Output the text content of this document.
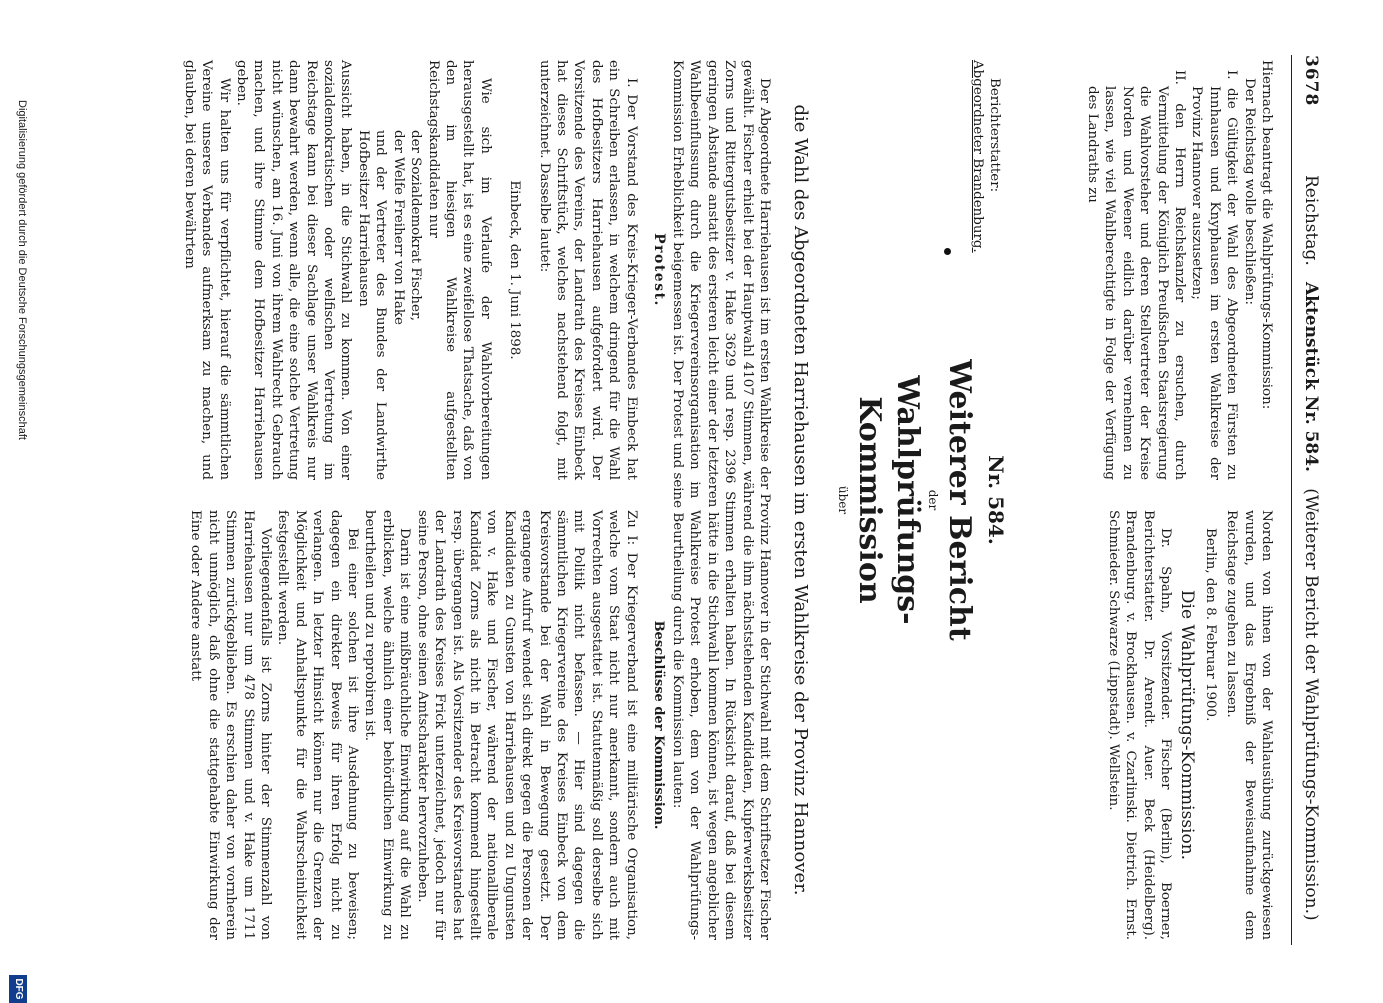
3678
Reichstag.   Aktenstück Nr. 584.   (Weiterer Bericht der Wahlprüfungs-Kommission.)

Hiernach beantragt die Wahlprüfungs-Kommission:

Der Reichstag wolle beschließen:

I. die Gültigkeit der Wahl des Abgeordneten Fürsten zu Innhausen und Knyphausen im ersten Wahlkreise der Provinz Hannover auszusetzen;

II. den Herrn Reichskanzler zu ersuchen, durch Vermittelung der Königlich Preußischen Staatsregierung die Wahlvorsteher und deren Stellvertreter der Kreise Norden und Weener eidlich darüber vernehmen zu lassen, wie viel Wahlberechtigte in Folge der Verfügung des Landraths zu

Norden von ihnen von der Wahlausübung zurückgewiesen wurden, und das Ergebniß der Beweisaufnahme dem Reichstage zugehen zu lassen.

Berlin, den 8. Februar 1900.

Die Wahlprüfungs-Kommission.

Dr. Spahn, Vorsitzender. Fischer (Berlin), Boerner, Berichterstatter. Dr. Arendt. Auer. Beck (Heidelberg). Brandenburg. v. Brockhausen. v. Czarlinski. Dietrich. Ernst. Schmieder. Schwarze (Lippstadt). Wellstein.

Berichterstatter:

Abgeordneter Brandenburg.

Nr. 584.
Weiterer Bericht
der
Wahlprüfungs-Kommission
über
die Wahl des Abgeordneten Harriehausen im ersten Wahlkreise der Provinz Hannover.

Der Abgeordnete Harriehausen ist im ersten Wahlkreise der Provinz Hannover in der Stichwahl mit dem Schriftsetzer Fischer gewählt. Fischer erhielt bei der Hauptwahl 4107 Stimmen, während die ihm nächststehenden Kandidaten, Kupferwerksbesitzer Zorns und Rittergutsbesitzer v. Hake 3629 und resp. 2396 Stimmen erhalten haben. In Rücksicht darauf, daß bei diesem geringen Abstande anstatt des ersteren leicht einer der letzteren hätte in die Stichwahl kommen können, ist wegen angeblicher Wahlbeeinflussung durch die Kriegervereinsorganisation im Wahlkreise Protest erhoben, dem von der Wahlprüfungs-Kommission Erheblichkeit beigemessen ist. Der Protest und seine Beurtheilung durch die Kommission lauten:

Protest.

I. Der Vorstand des Kreis-Krieger-Verbandes Einbeck hat ein Schreiben erlassen, in welchem dringend für die Wahl des Hofbesitzers Harriehausen aufgefordert wird. Der Vorsitzende des Vereins, der Landrath des Kreises Einbeck hat dieses Schriftstück, welches nachstehend folgt, mit unterzeichnet. Dasselbe lautet:

Einbeck, den 1. Juni 1898.

Wie sich im Verlaufe der Wahlvorbereitungen herausgestellt hat, ist es eine zweifellose Thatsache, daß von den im hiesigen Wahlkreise aufgestellten Reichstagskandidaten nur

der Sozialdemokrat Fischer,

der Welfe Freiherr von Hake

und der Vertreter des Bundes der Landwirthe Hofbesitzer Harriehausen

Aussicht haben, in die Stichwahl zu kommen. Von einer sozialdemokratischen oder welfischen Vertretung im Reichstage kann bei dieser Sachlage unser Wahlkreis nur dann bewahrt werden, wenn alle, die eine solche Vertretung nicht wünschen, am 16. Juni von ihrem Wahlrecht Gebrauch machen, und ihre Stimme dem Hofbesitzer Harriehausen geben.

Wir halten uns für verpflichtet, hierauf die sämmtlichen Vereine unseres Verbandes aufmerksam zu machen, und glauben, bei deren bewährtem

Beschlüsse der Kommission.

Zu I: Der Kriegerverband ist eine militärische Organisation, welche vom Staat nicht nur anerkannt, sondern auch mit Vorrechten ausgestattet ist. Statutenmäßig soll derselbe sich mit Politik nicht befassen. — Hier sind dagegen die sämmtlichen Kriegervereine des Kreises Einbeck von dem Kreisvorstande bei der Wahl in Bewegung gesetzt. Der ergangene Aufruf wendet sich direkt gegen die Personen der Kandidaten zu Gunsten von Harriehausen und zu Ungunsten von v. Hake und Fischer, während der nationalliberale Kandidat Zorns als nicht in Betracht kommend hingestellt resp. übergangen ist. Als Vorsitzender des Kreisvorstandes hat der Landrath des Kreises Frick unterzeichnet, jedoch nur für seine Person, ohne seinen Amtscharakter hervorzuheben.

Darin ist eine mißbräuchliche Einwirkung auf die Wahl zu erblicken, welche ähnlich einer behördlichen Einwirkung zu beurtheilen und zu reprobiren ist.

Bei einer solchen ist ihre Ausdehnung zu beweisen; dagegen ein direkter Beweis für ihren Erfolg nicht zu verlangen. In letzter Hinsicht können nur die Grenzen der Möglichkeit und Anhaltspunkte für die Wahrscheinlichkeit festgestellt werden.

Vorliegendenfalls ist Zorns hinter der Stimmenzahl von Harriehausen nur um 478 Stimmen und v. Hake um 1711 Stimmen zurückgeblieben. Es erschien daher von vornherein nicht unmöglich, daß ohne die stattgehabte Einwirkung der Eine oder Andere anstatt

Digitalisierung gefördert durch die Deutsche Forschungsgemeinschaft
DFG
